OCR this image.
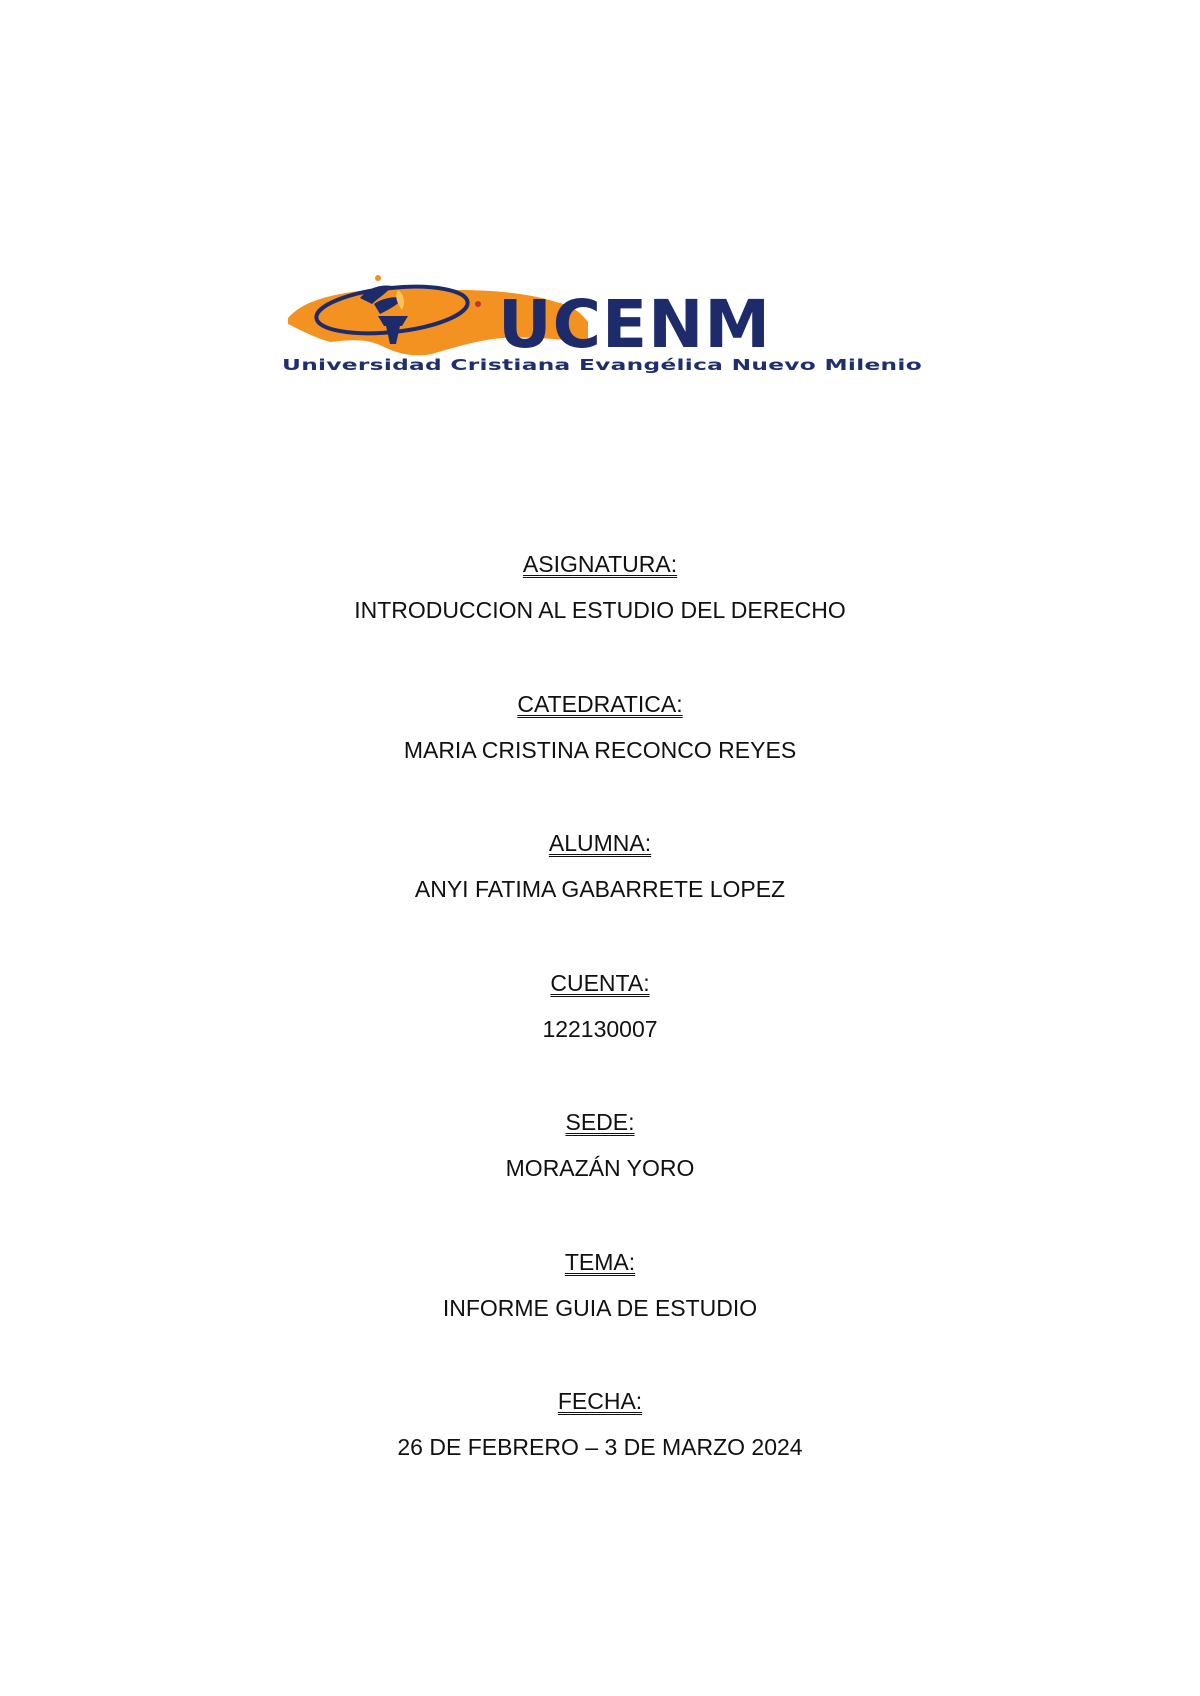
UCENM
Universidad Cristiana Evangélica Nuevo Milenio
ASIGNATURA:
INTRODUCCION AL ESTUDIO DEL DERECHO
CATEDRATICA:
MARIA CRISTINA RECONCO REYES
ALUMNA:
ANYI FATIMA GABARRETE LOPEZ
CUENTA:
122130007
SEDE:
MORAZÁN YORO
TEMA:
INFORME GUIA DE ESTUDIO
FECHA:
26 DE FEBRERO – 3 DE MARZO 2024
